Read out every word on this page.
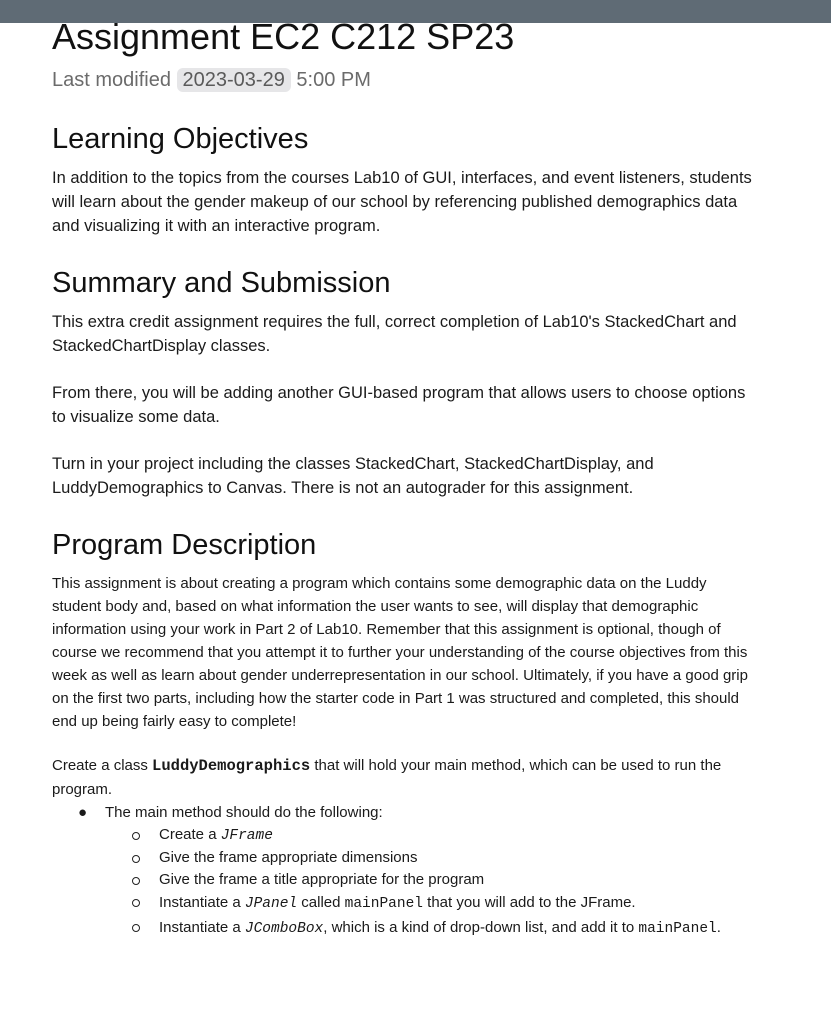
Assignment EC2 C212 SP23
Last modified 2023-03-29 5:00 PM
Learning Objectives

In addition to the topics from the courses Lab10 of GUI, interfaces, and event listeners, students will learn about the gender makeup of our school by referencing published demographics data and visualizing it with an interactive program.

Summary and Submission

This extra credit assignment requires the full, correct completion of Lab10's StackedChart and StackedChartDisplay classes.

From there, you will be adding another GUI-based program that allows users to choose options to visualize some data.

Turn in your project including the classes StackedChart, StackedChartDisplay, and LuddyDemographics to Canvas. There is not an autograder for this assignment.

Program Description

This assignment is about creating a program which contains some demographic data on the Luddy student body and, based on what information the user wants to see, will display that demographic information using your work in Part 2 of Lab10. Remember that this assignment is optional, though of course we recommend that you attempt it to further your understanding of the course objectives from this week as well as learn about gender underrepresentation in our school. Ultimately, if you have a good grip on the first two parts, including how the starter code in Part 1 was structured and completed, this should end up being fairly easy to complete!

Create a class LuddyDemographics that will hold your main method, which can be used to run the program.

● The main method should do the following:
Create a JFrame
Give the frame appropriate dimensions
Give the frame a title appropriate for the program
Instantiate a JPanel called mainPanel that you will add to the JFrame.
Instantiate a JComboBox, which is a kind of drop-down list, and add it to mainPanel.
